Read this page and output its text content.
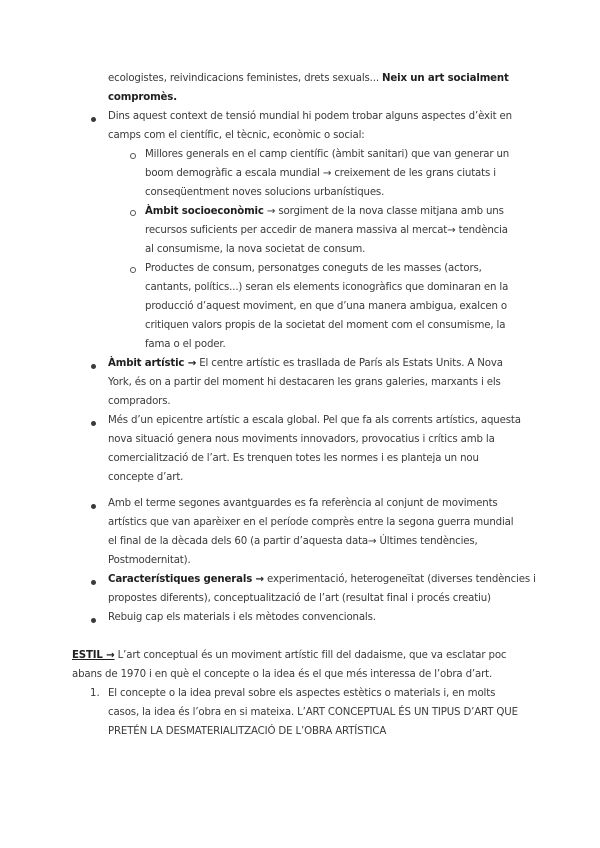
ecologistes, reivindicacions feministes, drets sexuals... Neix un art socialment
compromès.
Dins aquest context de tensió mundial hi podem trobar alguns aspectes d’èxit en
camps com el científic, el tècnic, econòmic o social:
Millores generals en el camp científic (àmbit sanitari) que van generar un
boom demogràfic a escala mundial → creixement de les grans ciutats i
conseqüentment noves solucions urbanístiques.
Àmbit socioeconòmic → sorgiment de la nova classe mitjana amb uns
recursos suficients per accedir de manera massiva al mercat→ tendència
al consumisme, la nova societat de consum.
Productes de consum, personatges coneguts de les masses (actors,
cantants, polítics...) seran els elements iconogràfics que dominaran en la
producció d’aquest moviment, en que d’una manera ambigua, exalcen o
critiquen valors propis de la societat del moment com el consumisme, la
fama o el poder.
Àmbit artístic → El centre artístic es trasllada de París als Estats Units. A Nova
York, és on a partir del moment hi destacaren les grans galeries, marxants i els
compradors.
Més d’un epicentre artístic a escala global. Pel que fa als corrents artístics, aquesta
nova situació genera nous moviments innovadors, provocatius i crítics amb la
comercialització de l’art. Es trenquen totes les normes i es planteja un nou
concepte d’art.
Amb el terme segones avantguardes es fa referència al conjunt de moviments
artístics que van aparèixer en el període comprès entre la segona guerra mundial
el final de la dècada dels 60 (a partir d’aquesta data→ Últimes tendències,
Postmodernitat).
Característiques generals → experimentació, heterogeneïtat (diverses tendències i
propostes diferents), conceptualització de l’art (resultat final i procés creatiu)
Rebuig cap els materials i els mètodes convencionals.
ESTIL → L’art conceptual és un moviment artístic fill del dadaisme, que va esclatar poc
abans de 1970 i en què el concepte o la idea és el que més interessa de l’obra d’art.
1. El concepte o la idea preval sobre els aspectes estètics o materials i, en molts
casos, la idea és l’obra en si mateixa. L’ART CONCEPTUAL ÉS UN TIPUS D’ART QUE
PRETÉN LA DESMATERIALITZACIÓ DE L’OBRA ARTÍSTICA
